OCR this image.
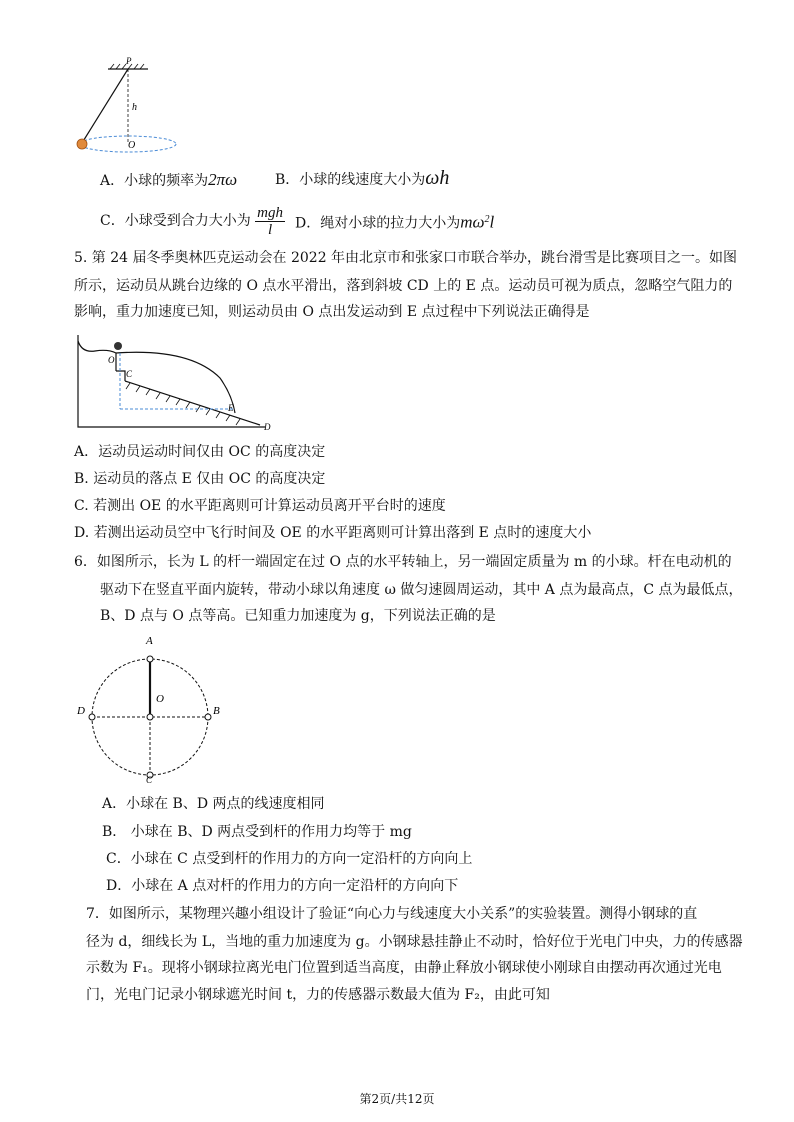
P
h
O
A．小球的频率为2πω	B．小球的线速度大小为ωh
C．小球受到合力大小为 $\frac{\text{mgh}}{l}$ D．绳对小球的拉力大小为$m\omega^2l$
5. 第 24 届冬季奥林匹克运动会在 2022 年由北京市和张家口市联合举办，跳台滑雪是比赛项目之一。如图
所示，运动员从跳台边缘的 O 点水平滑出，落到斜坡 CD 上的 E 点。运动员可视为质点，忽略空气阻力的
影响，重力加速度已知，则运动员由 O 点出发运动到 E 点过程中下列说法正确得是
O
C
E
D
A．运动员运动时间仅由 OC 的高度决定
B. 运动员的落点 E 仅由 OC 的高度决定
C. 若测出 OE 的水平距离则可计算运动员离开平台时的速度
D. 若测出运动员空中飞行时间及 OE 的水平距离则可计算出落到 E 点时的速度大小
6．如图所示，长为 L 的杆一端固定在过 O 点的水平转轴上，另一端固定质量为 m 的小球。杆在电动机的
驱动下在竖直平面内旋转，带动小球以角速度 ω 做匀速圆周运动，其中 A 点为最高点，C 点为最低点，
B、D 点与 O 点等高。已知重力加速度为 g，下列说法正确的是
A
O
D	B
C
A．小球在 B、D 两点的线速度相同
B． 小球在 B、D 两点受到杆的作用力均等于 mg
C．小球在 C 点受到杆的作用力的方向一定沿杆的方向向上
D．小球在 A 点对杆的作用力的方向一定沿杆的方向向下
7．如图所示，某物理兴趣小组设计了验证“向心力与线速度大小关系”的实验装置。测得小钢球的直
径为 d，细线长为 L，当地的重力加速度为 g。小钢球悬挂静止不动时，恰好位于光电门中央，力的传感器
示数为 F₁。现将小钢球拉离光电门位置到适当高度，由静止释放小钢球使小刚球自由摆动再次通过光电
门，光电门记录小钢球遮光时间 t，力的传感器示数最大值为 F₂，由此可知
第2页/共12页
